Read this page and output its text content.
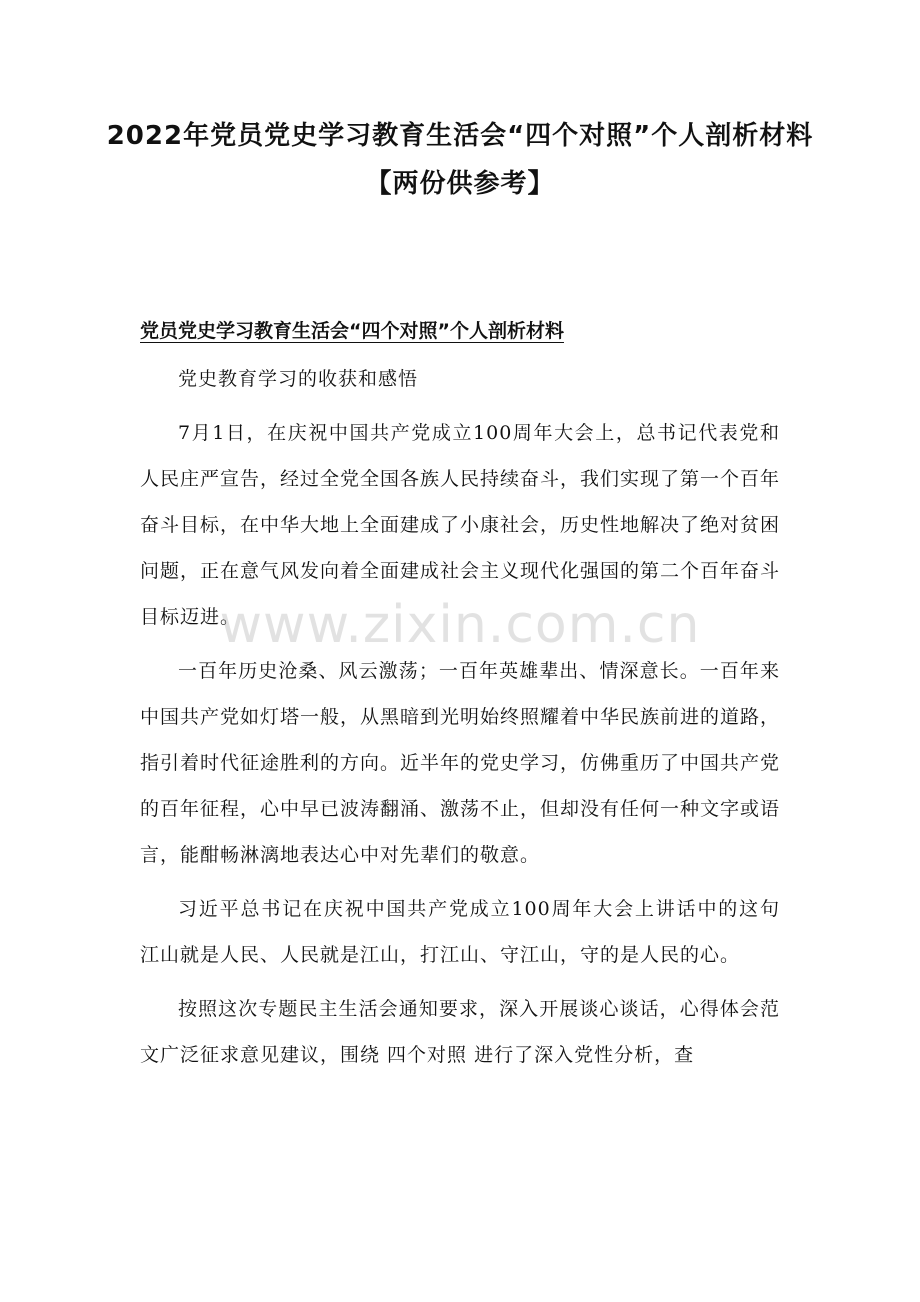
2022年党员党史学习教育生活会“四个对照”个人剖析材料【两份供参考】
党员党史学习教育生活会“四个对照”个人剖析材料

党史教育学习的收获和感悟

7月1日，在庆祝中国共产党成立100周年大会上，总书记代表党和人民庄严宣告，经过全党全国各族人民持续奋斗，我们实现了第一个百年奋斗目标，在中华大地上全面建成了小康社会，历史性地解决了绝对贫困问题，正在意气风发向着全面建成社会主义现代化强国的第二个百年奋斗目标迈进。

一百年历史沧桑、风云激荡；一百年英雄辈出、情深意长。一百年来中国共产党如灯塔一般，从黑暗到光明始终照耀着中华民族前进的道路，指引着时代征途胜利的方向。近半年的党史学习，仿佛重历了中国共产党的百年征程，心中早已波涛翻涌、激荡不止，但却没有任何一种文字或语言，能酣畅淋漓地表达心中对先辈们的敬意。

习近平总书记在庆祝中国共产党成立100周年大会上讲话中的这句 江山就是人民、人民就是江山，打江山、守江山，守的是人民的心。

按照这次专题民主生活会通知要求，深入开展谈心谈话，心得体会范文广泛征求意见建议，围绕 四个对照 进行了深入党性分析，查

www.zixin.com.cn
